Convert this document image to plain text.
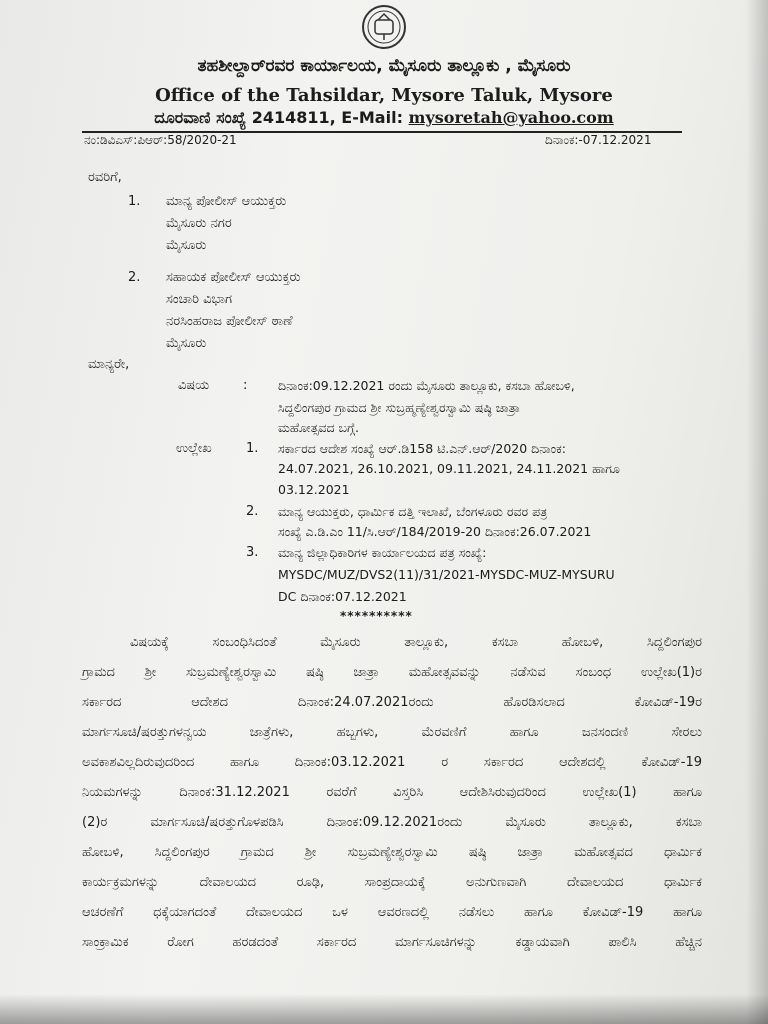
ತಹಶೀಲ್ದಾರ್‌ರವರ ಕಾರ್ಯಾಲಯ, ಮೈಸೂರು ತಾಲ್ಲೂಕು , ಮೈಸೂರು
Office of the Tahsildar, Mysore Taluk, Mysore
ದೂರವಾಣಿ ಸಂಖ್ಯೆ 2414811, E-Mail: mysoretah@yahoo.com
ನಂ:ಡಿವಿಎಸ್:ಪಿಆರ್:58/2020-21	ದಿನಾಂಕ:-07.12.2021
ರವರಿಗೆ,
1. ಮಾನ್ಯ ಪೋಲೀಸ್ ಆಯುಕ್ತರು
ಮೈಸೂರು ನಗರ
ಮೈಸೂರು
2. ಸಹಾಯಕ ಪೋಲೀಸ್ ಆಯುಕ್ತರು
ಸಂಚಾರಿ ವಿಭಾಗ
ನರಸಿಂಹರಾಜ ಪೋಲೀಸ್ ಠಾಣೆ
ಮೈಸೂರು
ಮಾನ್ಯರೇ,
ವಿಷಯ	: ದಿನಾಂಕ:09.12.2021 ರಂದು ಮೈಸೂರು ತಾಲ್ಲೂಕು, ಕಸಬಾ ಹೋಬಳಿ,
ಸಿದ್ದಲಿಂಗಪುರ ಗ್ರಾಮದ ಶ್ರೀ ಸುಬ್ರಹ್ಮಣ್ಯೇಶ್ವರಸ್ವಾಮಿ ಷಷ್ಠಿ ಜಾತ್ರಾ
ಮಹೋತ್ಸವದ ಬಗ್ಗೆ.
ಉಲ್ಲೇಖ	1. ಸರ್ಕಾರದ ಆದೇಶ ಸಂಖ್ಯೆ ಆರ್.ಡಿ158 ಟಿ.ಎನ್.ಆರ್/2020 ದಿನಾಂಕ:
24.07.2021, 26.10.2021, 09.11.2021, 24.11.2021 ಹಾಗೂ
03.12.2021
2. ಮಾನ್ಯ ಆಯುಕ್ತರು, ಧಾರ್ಮಿಕ ದತ್ತಿ ಇಲಾಖೆ, ಬೆಂಗಳೂರು ರವರ ಪತ್ರ
ಸಂಖ್ಯೆ ಎ.ಡಿ.ಎಂ 11/ಸಿ.ಆರ್/184/2019-20 ದಿನಾಂಕ:26.07.2021
3. ಮಾನ್ಯ ಜಿಲ್ಲಾಧಿಕಾರಿಗಳ ಕಾರ್ಯಾಲಯದ ಪತ್ರ ಸಂಖ್ಯೆ:
MYSDC/MUZ/DVS2(11)/31/2021-MYSDC-MUZ-MYSURU
DC ದಿನಾಂಕ:07.12.2021
**********
ವಿಷಯಕ್ಕೆ ಸಂಬಂಧಿಸಿದಂತೆ ಮೈಸೂರು ತಾಲ್ಲೂಕು, ಕಸಬಾ ಹೋಬಳಿ, ಸಿದ್ದಲಿಂಗಪುರ
ಗ್ರಾಮದ ಶ್ರೀ ಸುಬ್ರಮಣ್ಯೇಶ್ವರಸ್ವಾಮಿ ಷಷ್ಠಿ ಜಾತ್ರಾ ಮಹೋತ್ಸವವನ್ನು ನಡೆಸುವ ಸಂಬಂಧ ಉಲ್ಲೇಖ(1)ರ
ಸರ್ಕಾರದ ಆದೇಶದ ದಿನಾಂಕ:24.07.2021ರಂದು ಹೊರಡಿಸಲಾದ ಕೋವಿಡ್-19ರ
ಮಾರ್ಗಸೂಚಿ/ಷರತ್ತುಗಳನ್ವಯ ಜಾತ್ರೆಗಳು, ಹಬ್ಬಗಳು, ಮೆರವಣಿಗೆ ಹಾಗೂ ಜನಸಂದಣಿ ಸೇರಲು
ಅವಕಾಶವಿಲ್ಲದಿರುವುದರಿಂದ ಹಾಗೂ ದಿನಾಂಕ:03.12.2021 ರ ಸರ್ಕಾರದ ಆದೇಶದಲ್ಲಿ ಕೋವಿಡ್-19
ನಿಯಮಗಳನ್ನು ದಿನಾಂಕ:31.12.2021 ರವರೆಗೆ ವಿಸ್ತರಿಸಿ ಆದೇಶಿಸಿರುವುದರಿಂದ ಉಲ್ಲೇಖ(1) ಹಾಗೂ
(2)ರ ಮಾರ್ಗಸೂಚಿ/ಷರತ್ತುಗೊಳಪಡಿಸಿ ದಿನಾಂಕ:09.12.2021ರಂದು ಮೈಸೂರು ತಾಲ್ಲೂಕು, ಕಸಬಾ
ಹೋಬಳಿ, ಸಿದ್ದಲಿಂಗಪುರ ಗ್ರಾಮದ ಶ್ರೀ ಸುಬ್ರಮಣ್ಯೇಶ್ವರಸ್ವಾಮಿ ಷಷ್ಠಿ ಜಾತ್ರಾ ಮಹೋತ್ಸವದ ಧಾರ್ಮಿಕ
ಕಾರ್ಯಕ್ರಮಗಳನ್ನು ದೇವಾಲಯದ ರೂಢಿ, ಸಾಂಪ್ರದಾಯಕ್ಕೆ ಅನುಗುಣವಾಗಿ ದೇವಾಲಯದ ಧಾರ್ಮಿಕ
ಆಚರಣೆಗೆ ಧಕ್ಕೆಯಾಗದಂತೆ ದೇವಾಲಯದ ಒಳ ಆವರಣದಲ್ಲಿ ನಡೆಸಲು ಹಾಗೂ ಕೋವಿಡ್-19 ಹಾಗೂ
ಸಾಂಕ್ರಾಮಿಕ ರೋಗ ಹರಡದಂತೆ ಸರ್ಕಾರದ ಮಾರ್ಗಸೂಚಿಗಳನ್ನು ಕಡ್ಡಾಯವಾಗಿ ಪಾಲಿಸಿ ಹೆಚ್ಚಿನ
